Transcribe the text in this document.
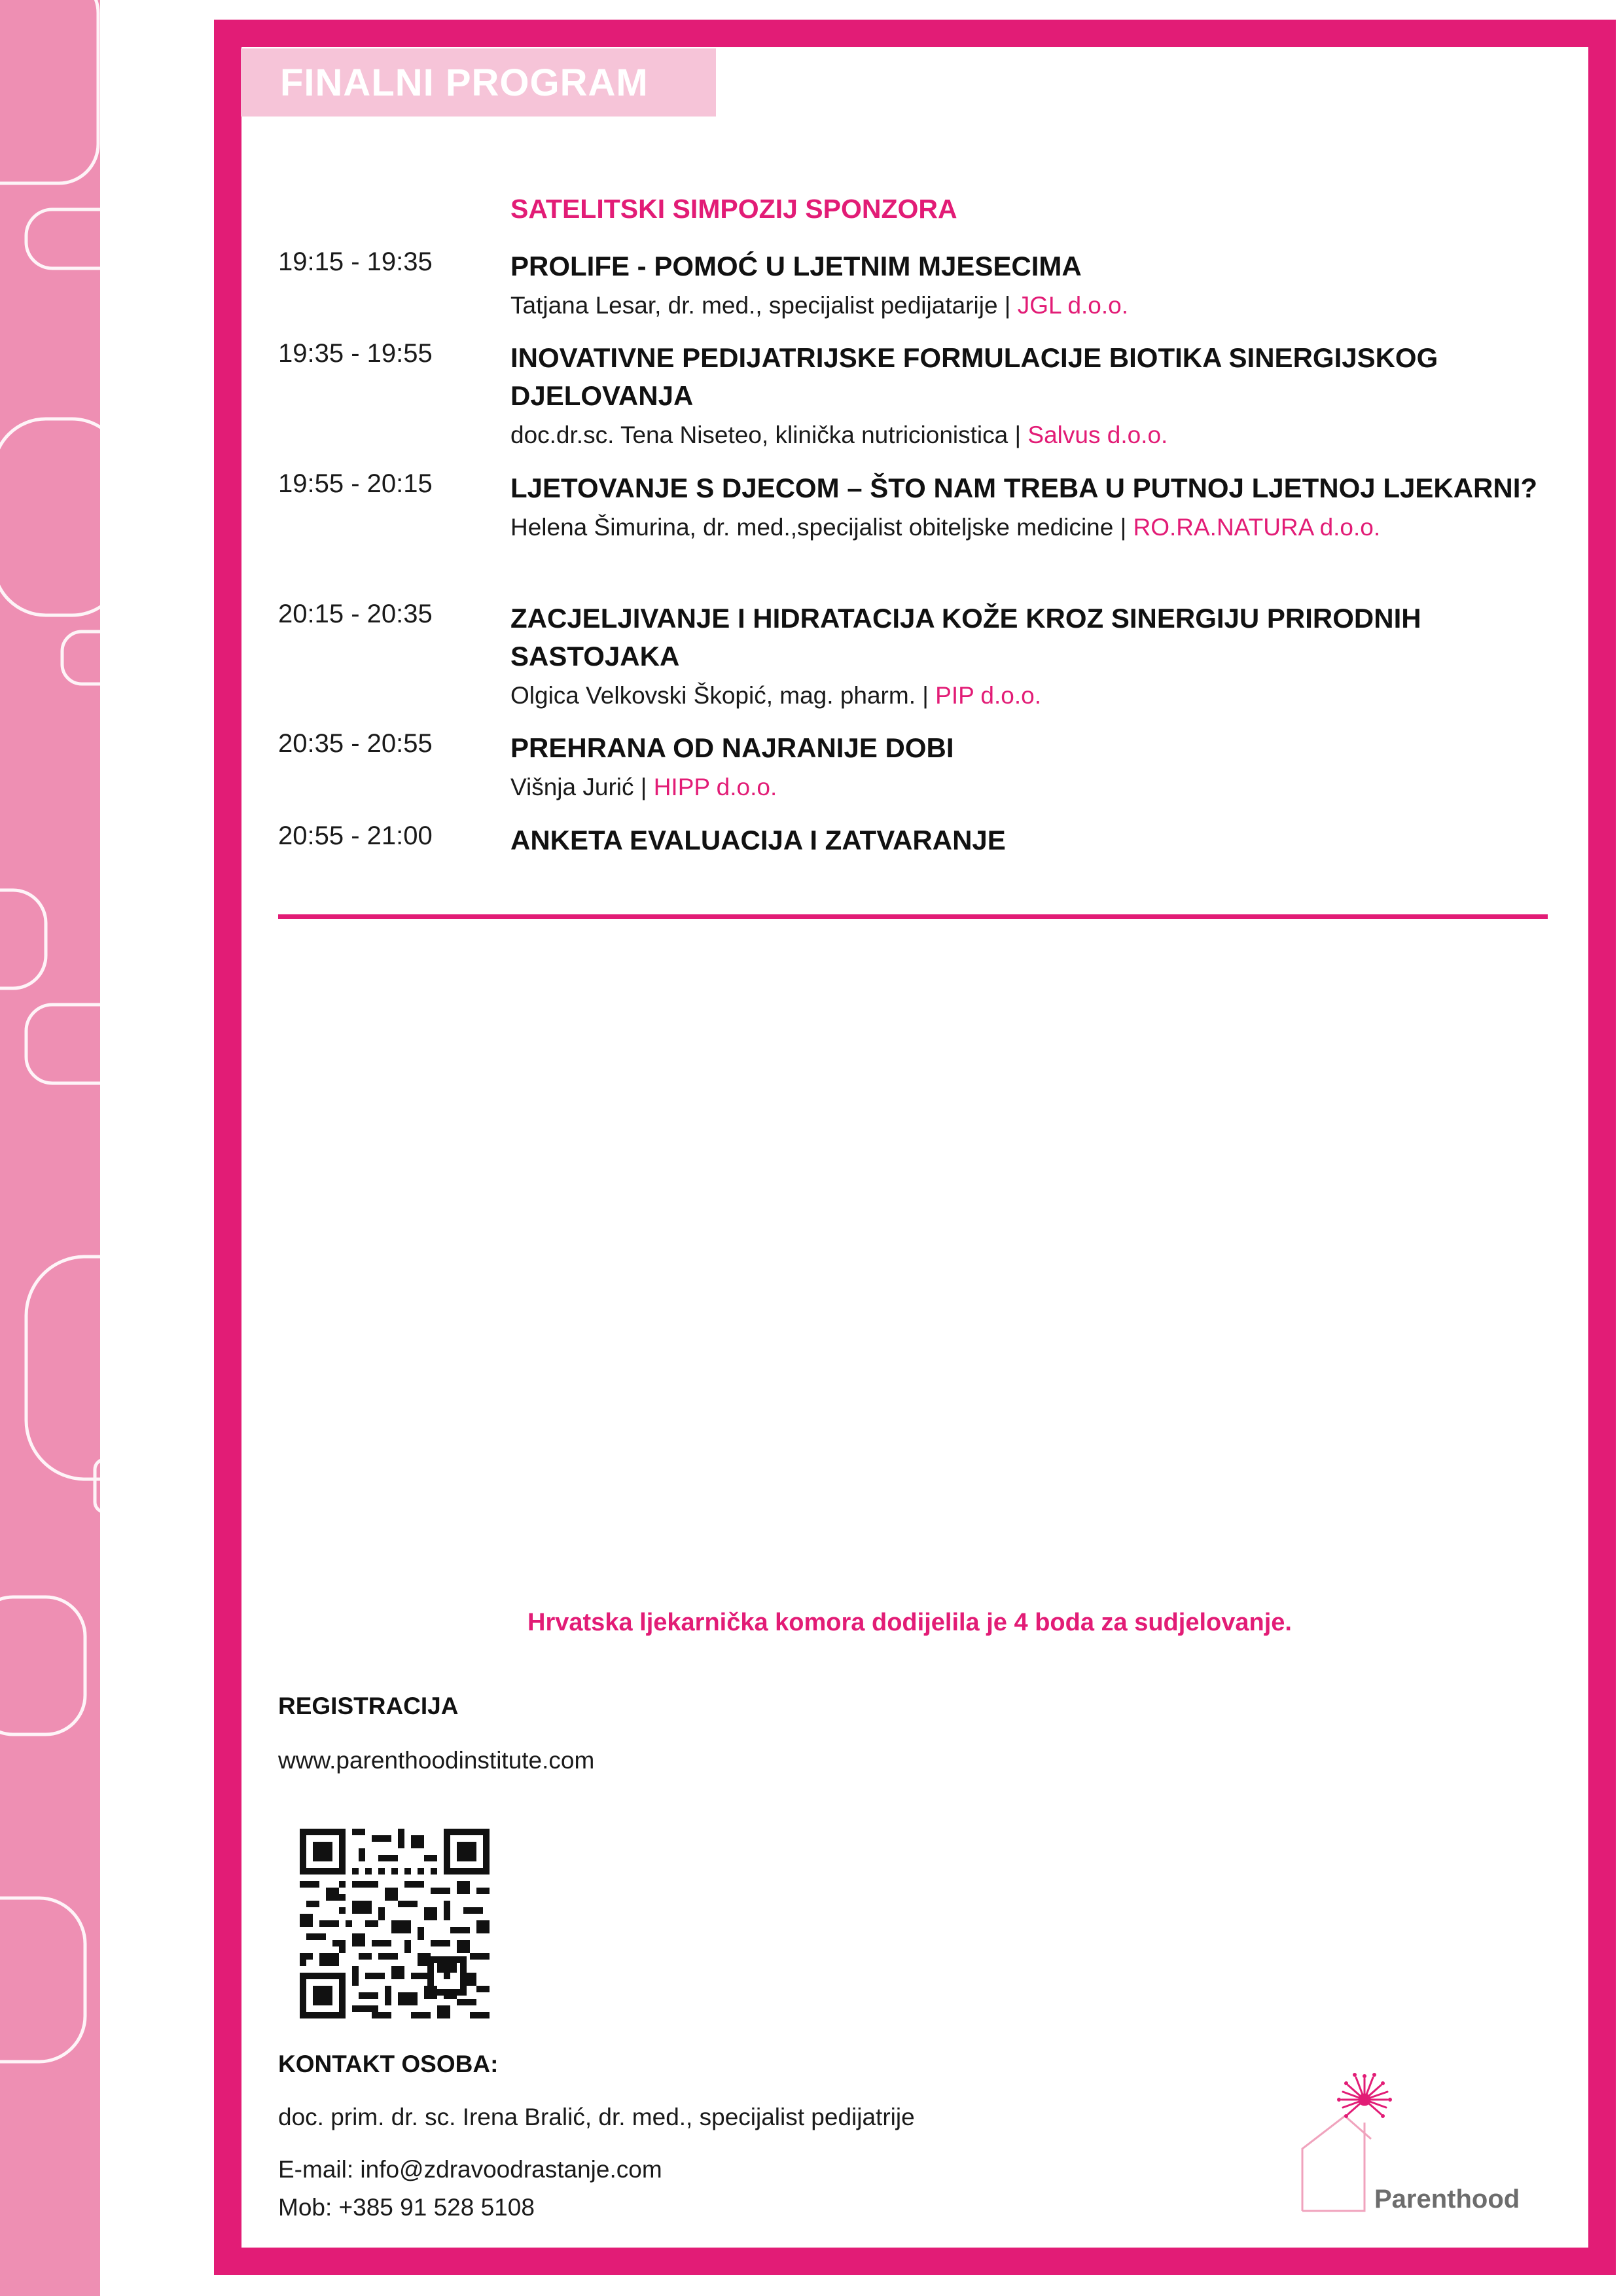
FINALNI PROGRAM
SATELITSKI SIMPOZIJ SPONZORA
19:15 - 19:35	PROLIFE - POMOĆ U LJETNIM MJESECIMA
Tatjana Lesar, dr. med., specijalist pedijatarije | JGL d.o.o.
19:35 - 19:55	INOVATIVNE PEDIJATRIJSKE FORMULACIJE BIOTIKA SINERGIJSKOG DJELOVANJA
doc.dr.sc. Tena Niseteo, klinička nutricionistica | Salvus d.o.o.
19:55 - 20:15	LJETOVANJE S DJECOM – ŠTO NAM TREBA U PUTNOJ LJETNOJ LJEKARNI?
Helena Šimurina, dr. med.,specijalist obiteljske medicine | RO.RA.NATURA d.o.o.
20:15 - 20:35	ZACJELJIVANJE I HIDRATACIJA KOŽE KROZ SINERGIJU PRIRODNIH SASTOJAKA
Olgica Velkovski Škopić, mag. pharm. | PIP d.o.o.
20:35 - 20:55	PREHRANA OD NAJRANIJE DOBI
Višnja Jurić | HIPP d.o.o.
20:55 - 21:00	ANKETA EVALUACIJA I ZATVARANJE
Hrvatska ljekarnička komora dodijelila je 4 boda za sudjelovanje.
REGISTRACIJA
www.parenthoodinstitute.com
KONTAKT OSOBA:
doc. prim. dr. sc. Irena Bralić, dr. med., specijalist pedijatrije
E-mail: info@zdravoodrastanje.com
Mob: +385 91 528 5108	Parenthood
